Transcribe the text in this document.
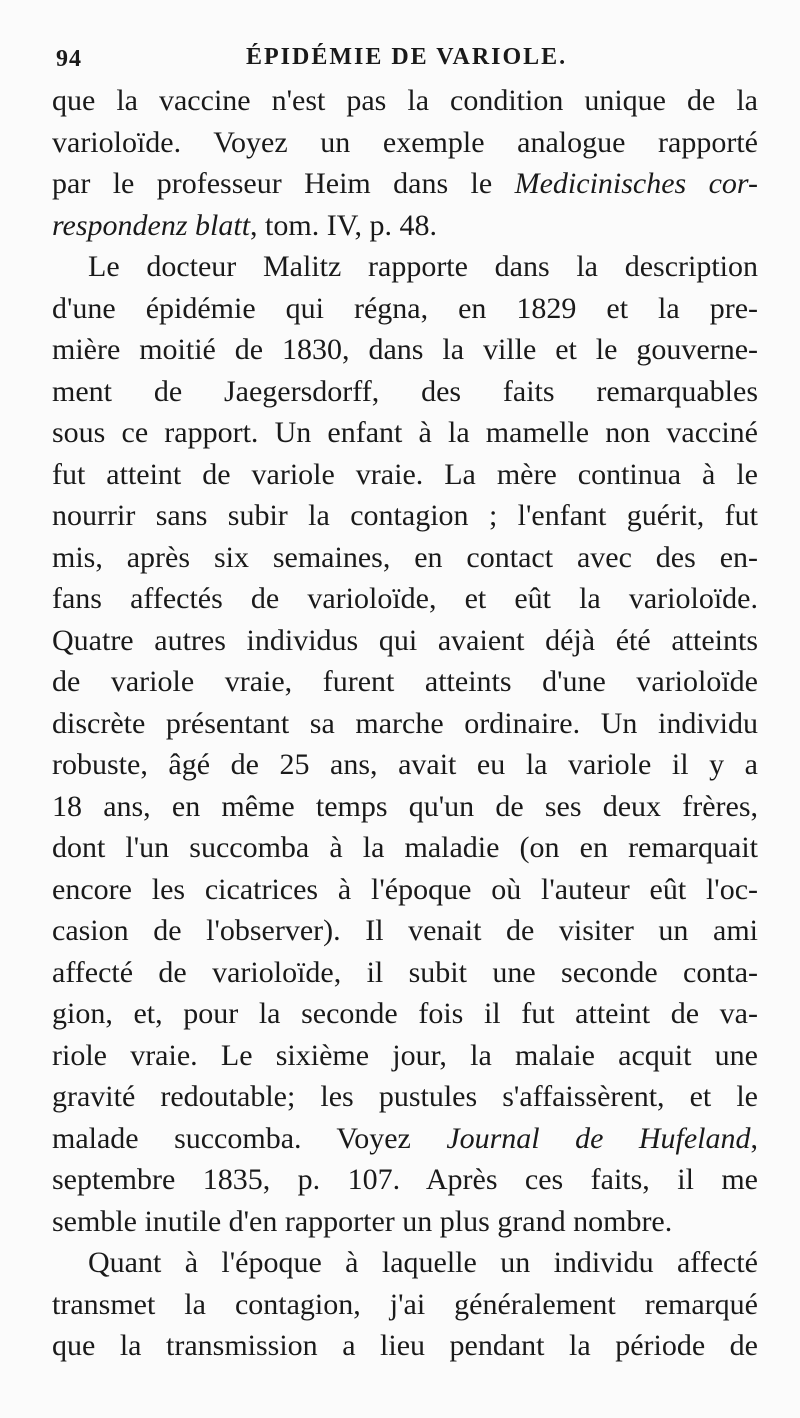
94	ÉPIDÉMIE DE VARIOLE.
que la vaccine n'est pas la condition unique de la
varioloïde. Voyez un exemple analogue rapporté
par le professeur Heim dans le Medicinisches cor-
respondenz blatt, tom. IV, p. 48.
Le docteur Malitz rapporte dans la description
d'une épidémie qui régna, en 1829 et la pre-
mière moitié de 1830, dans la ville et le gouverne-
ment de Jaegersdorff, des faits remarquables
sous ce rapport. Un enfant à la mamelle non vacciné
fut atteint de variole vraie. La mère continua à le
nourrir sans subir la contagion ; l'enfant guérit, fut
mis, après six semaines, en contact avec des en-
fans affectés de varioloïde, et eût la varioloïde.
Quatre autres individus qui avaient déjà été atteints
de variole vraie, furent atteints d'une varioloïde
discrète présentant sa marche ordinaire. Un individu
robuste, âgé de 25 ans, avait eu la variole il y a
18 ans, en même temps qu'un de ses deux frères,
dont l'un succomba à la maladie (on en remarquait
encore les cicatrices à l'époque où l'auteur eût l'oc-
casion de l'observer). Il venait de visiter un ami
affecté de varioloïde, il subit une seconde conta-
gion, et, pour la seconde fois il fut atteint de va-
riole vraie. Le sixième jour, la malaie acquit une
gravité redoutable; les pustules s'affaissèrent, et le
malade succomba. Voyez Journal de Hufeland,
septembre 1835, p. 107. Après ces faits, il me
semble inutile d'en rapporter un plus grand nombre.
Quant à l'époque à laquelle un individu affecté
transmet la contagion, j'ai généralement remarqué
que la transmission a lieu pendant la période de
